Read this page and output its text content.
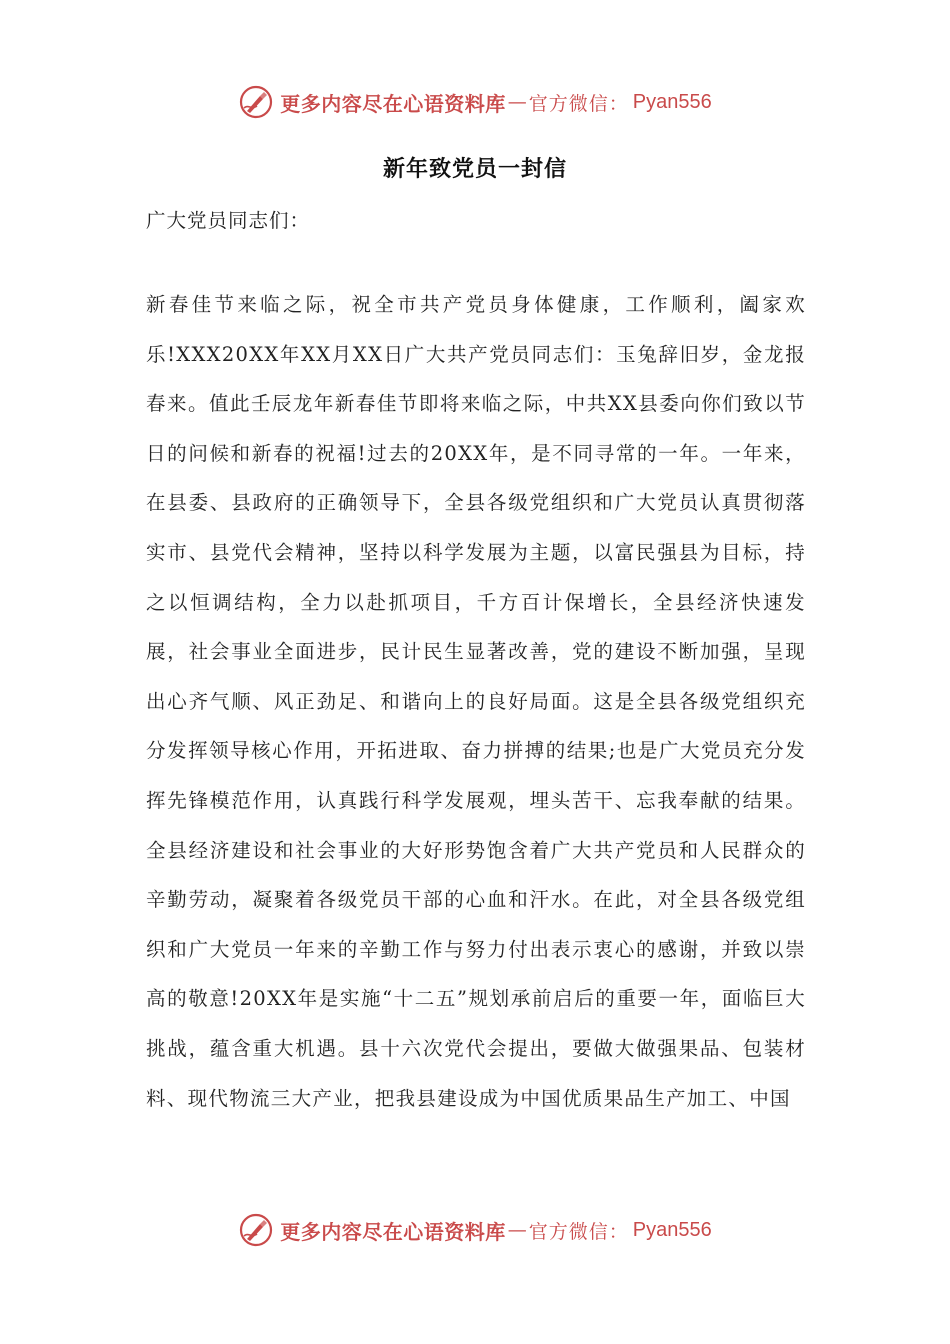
更多内容尽在心语资料库 — 官方微信： Pyan556
新年致党员一封信
广大党员同志们：

新春佳节来临之际，祝全市共产党员身体健康，工作顺利，阖家欢乐!XXX20XX年XX月XX日广大共产党员同志们：玉兔辞旧岁，金龙报春来。值此壬辰龙年新春佳节即将来临之际，中共XX县委向你们致以节日的问候和新春的祝福!过去的20XX年，是不同寻常的一年。一年来，在县委、县政府的正确领导下，全县各级党组织和广大党员认真贯彻落实市、县党代会精神，坚持以科学发展为主题，以富民强县为目标，持之以恒调结构，全力以赴抓项目，千方百计保增长，全县经济快速发展，社会事业全面进步，民计民生显著改善，党的建设不断加强，呈现出心齐气顺、风正劲足、和谐向上的良好局面。这是全县各级党组织充分发挥领导核心作用，开拓进取、奋力拼搏的结果;也是广大党员充分发挥先锋模范作用，认真践行科学发展观，埋头苦干、忘我奉献的结果。全县经济建设和社会事业的大好形势饱含着广大共产党员和人民群众的辛勤劳动，凝聚着各级党员干部的心血和汗水。在此，对全县各级党组织和广大党员一年来的辛勤工作与努力付出表示衷心的感谢，并致以崇高的敬意!20XX年是实施“十二五”规划承前启后的重要一年，面临巨大挑战，蕴含重大机遇。县十六次党代会提出，要做大做强果品、包装材料、现代物流三大产业，把我县建设成为中国优质果品生产加工、中国

更多内容尽在心语资料库 — 官方微信： Pyan556
